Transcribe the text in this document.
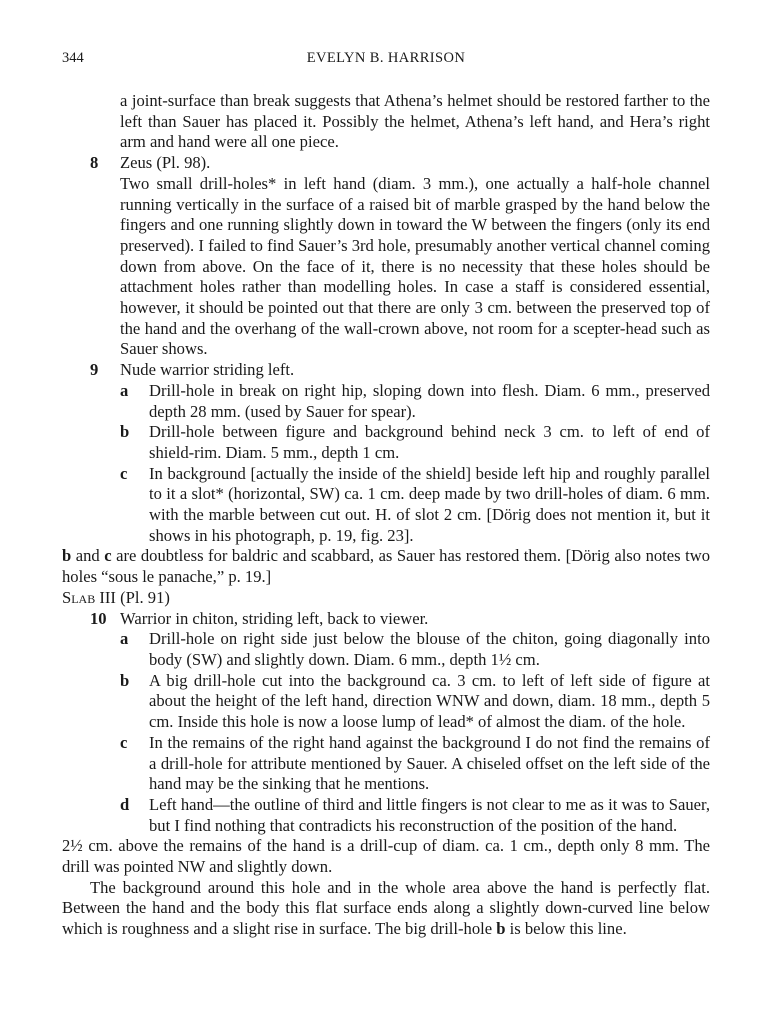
344	EVELYN B. HARRISON

a joint-surface than break suggests that Athena’s helmet should be restored farther to the left than Sauer has placed it. Possibly the helmet, Athena’s left hand, and Hera’s right arm and hand were all one piece.

8 Zeus (Pl. 98).

Two small drill-holes* in left hand (diam. 3 mm.), one actually a half-hole channel running vertically in the surface of a raised bit of marble grasped by the hand below the fingers and one running slightly down in toward the W between the fingers (only its end preserved). I failed to find Sauer’s 3rd hole, presumably another vertical channel coming down from above. On the face of it, there is no necessity that these holes should be attachment holes rather than modelling holes. In case a staff is considered essential, however, it should be pointed out that there are only 3 cm. between the preserved top of the hand and the overhang of the wall-crown above, not room for a scepter-head such as Sauer shows.

9 Nude warrior striding left.

a Drill-hole in break on right hip, sloping down into flesh. Diam. 6 mm., preserved depth 28 mm. (used by Sauer for spear).

b Drill-hole between figure and background behind neck 3 cm. to left of end of shield-rim. Diam. 5 mm., depth 1 cm.

c In background [actually the inside of the shield] beside left hip and roughly parallel to it a slot* (horizontal, SW) ca. 1 cm. deep made by two drill-holes of diam. 6 mm. with the marble between cut out. H. of slot 2 cm. [Dörig does not mention it, but it shows in his photograph, p. 19, fig. 23].

b and c are doubtless for baldric and scabbard, as Sauer has restored them. [Dörig also notes two holes “sous le panache,” p. 19.]

Slab III (Pl. 91)

10 Warrior in chiton, striding left, back to viewer.

a Drill-hole on right side just below the blouse of the chiton, going diagonally into body (SW) and slightly down. Diam. 6 mm., depth 1½ cm.

b A big drill-hole cut into the background ca. 3 cm. to left of left side of figure at about the height of the left hand, direction WNW and down, diam. 18 mm., depth 5 cm. Inside this hole is now a loose lump of lead* of almost the diam. of the hole.

c In the remains of the right hand against the background I do not find the remains of a drill-hole for attribute mentioned by Sauer. A chiseled offset on the left side of the hand may be the sinking that he mentions.

d Left hand—the outline of third and little fingers is not clear to me as it was to Sauer, but I find nothing that contradicts his reconstruction of the position of the hand.

2½ cm. above the remains of the hand is a drill-cup of diam. ca. 1 cm., depth only 8 mm. The drill was pointed NW and slightly down.

The background around this hole and in the whole area above the hand is perfectly flat. Between the hand and the body this flat surface ends along a slightly down-curved line below which is roughness and a slight rise in surface. The big drill-hole b is below this line.
